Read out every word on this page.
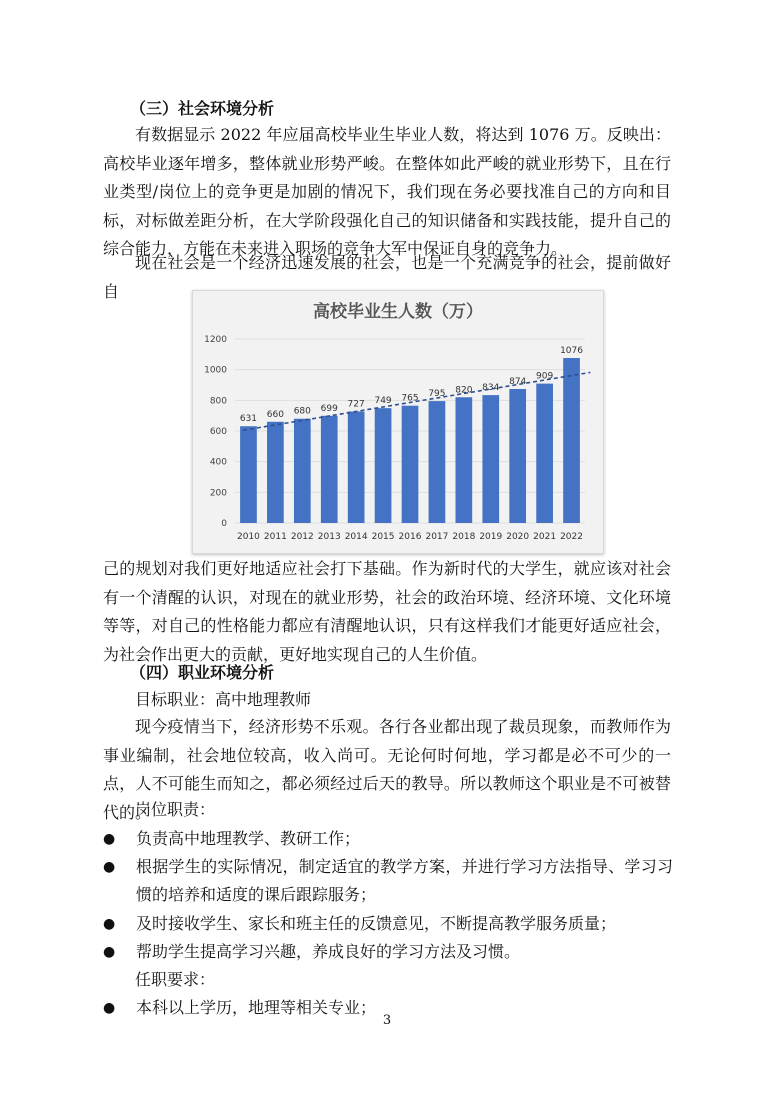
（三）社会环境分析

有数据显示 2022 年应届高校毕业生毕业人数，将达到 1076 万。反映出：高校毕业逐年增多，整体就业形势严峻。在整体如此严峻的就业形势下，且在行业类型/岗位上的竞争更是加剧的情况下，我们现在务必要找准自己的方向和目标，对标做差距分析，在大学阶段强化自己的知识储备和实践技能，提升自己的综合能力，方能在未来进入职场的竞争大军中保证自身的竞争力。

现在社会是一个经济迅速发展的社会，也是一个充满竞争的社会，提前做好自

高校毕业生人数（万）
0
200
400
600
800
1000
1200
631
2010
660
2011
680
2012
699
2013
727
2014
749
2015
765
2016
795
2017
820
2018
834
2019
874
2020
909
2021
1076
2022

己的规划对我们更好地适应社会打下基础。作为新时代的大学生，就应该对社会有一个清醒的认识，对现在的就业形势，社会的政治环境、经济环境、文化环境等等，对自己的性格能力都应有清醒地认识，只有这样我们才能更好适应社会，为社会作出更大的贡献，更好地实现自己的人生价值。

（四）职业环境分析
目标职业：高中地理教师

现今疫情当下，经济形势不乐观。各行各业都出现了裁员现象，而教师作为事业编制，社会地位较高，收入尚可。无论何时何地，学习都是必不可少的一点，人不可能生而知之，都必须经过后天的教导。所以教师这个职业是不可被替代的。

岗位职责：
●	负责高中地理教学、教研工作；
●	根据学生的实际情况，制定适宜的教学方案，并进行学习方法指导、学习习惯的培养和适度的课后跟踪服务；
●	及时接收学生、家长和班主任的反馈意见，不断提高教学服务质量；
●	帮助学生提高学习兴趣，养成良好的学习方法及习惯。
任职要求：
●	本科以上学历，地理等相关专业；
3
